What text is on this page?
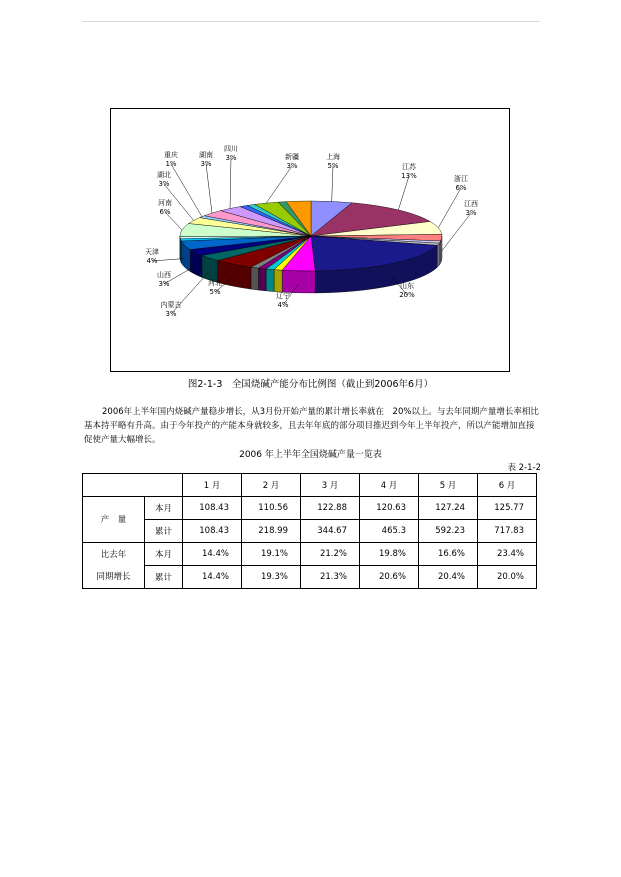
上海
5%	江苏
13%	浙江
6%
江西
3%
山东
20%
辽宁
4%
河北
5%
内蒙古
3%
山西
3%
天津
4%
河南
6%
湖北
3%
重庆
1%
湖南
3%
四川
3%	新疆
3%
图2-1-3　全国烧碱产能分布比例图（截止到2006年6月）
2006年上半年国内烧碱产量稳步增长，从3月份开始产量的累计增长率就在　20%以上。与去年同期产量增长率相比基本持平略有升高。由于今年投产的产能本身就较多，且去年年底的部分项目推迟到今年上半年投产，所以产能增加直接促使产量大幅增长。
2006 年上半年全国烧碱产量一览表
表 2-1-2
		1 月	2 月	3 月	4 月	5 月	6 月
产　量	本月	108.43	110.56	122.88	120.63	127.24	125.77
	累计	108.43	218.99	344.67	465.3	592.23	717.83

比去年
同期增长	本月	14.4%	19.1%	21.2%	19.8%	16.6%	23.4%
	累计	14.4%	19.3%	21.3%	20.6%	20.4%	20.0%
